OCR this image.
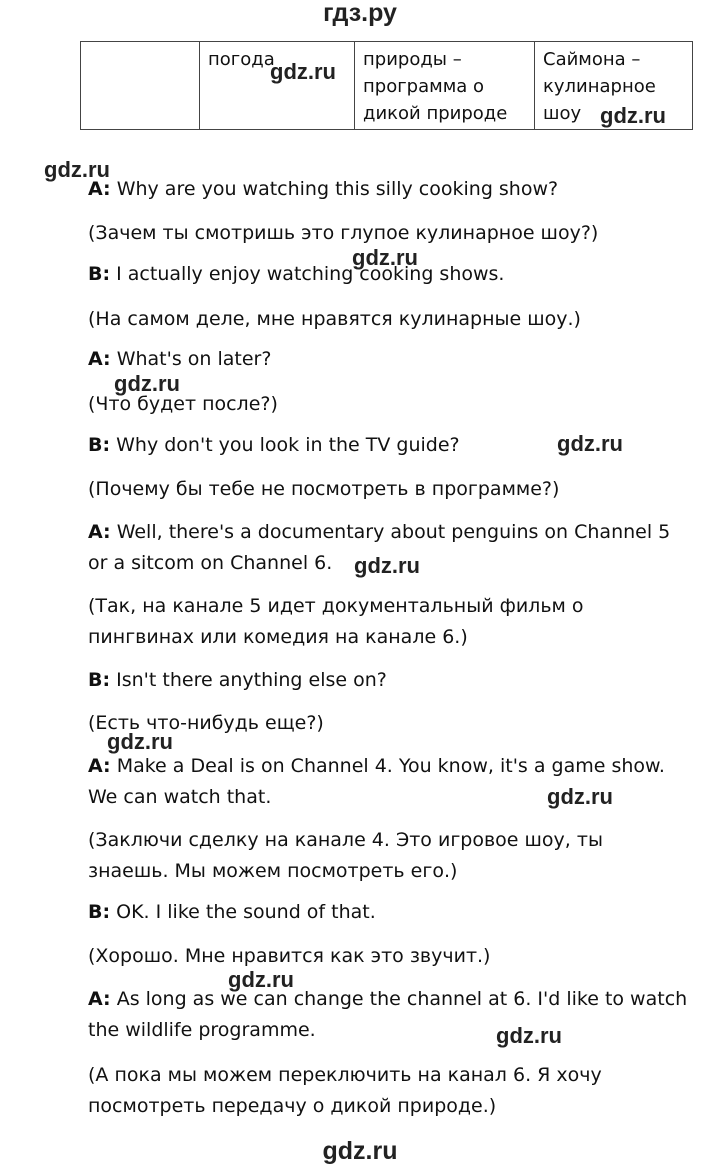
гдз.ру
	погода	природы – программа о дикой природе	Саймона – кулинарное шоу
A: Why are you watching this silly cooking show?
(Зачем ты смотришь это глупое кулинарное шоу?)
B: I actually enjoy watching cooking shows.
(На самом деле, мне нравятся кулинарные шоу.)
A: What's on later?
(Что будет после?)
B: Why don't you look in the TV guide?
(Почему бы тебе не посмотреть в программе?)
A: Well, there's a documentary about penguins on Channel 5 or a sitcom on Channel 6.
(Так, на канале 5 идет документальный фильм о пингвинах или комедия на канале 6.)
B: Isn't there anything else on?
(Есть что-нибудь еще?)
A: Make a Deal is on Channel 4. You know, it's a game show. We can watch that.
(Заключи сделку на канале 4. Это игровое шоу, ты знаешь. Мы можем посмотреть его.)
B: OK. I like the sound of that.
(Хорошо. Мне нравится как это звучит.)
A: As long as we can change the channel at 6. I'd like to watch the wildlife programme.
(А пока мы можем переключить на канал 6. Я хочу посмотреть передачу о дикой природе.)
gdz.ru
gdz.ru
gdz.ru
gdz.ru
gdz.ru
gdz.ru
gdz.ru
gdz.ru
gdz.ru
gdz.ru
gdz.ru
gdz.ru
